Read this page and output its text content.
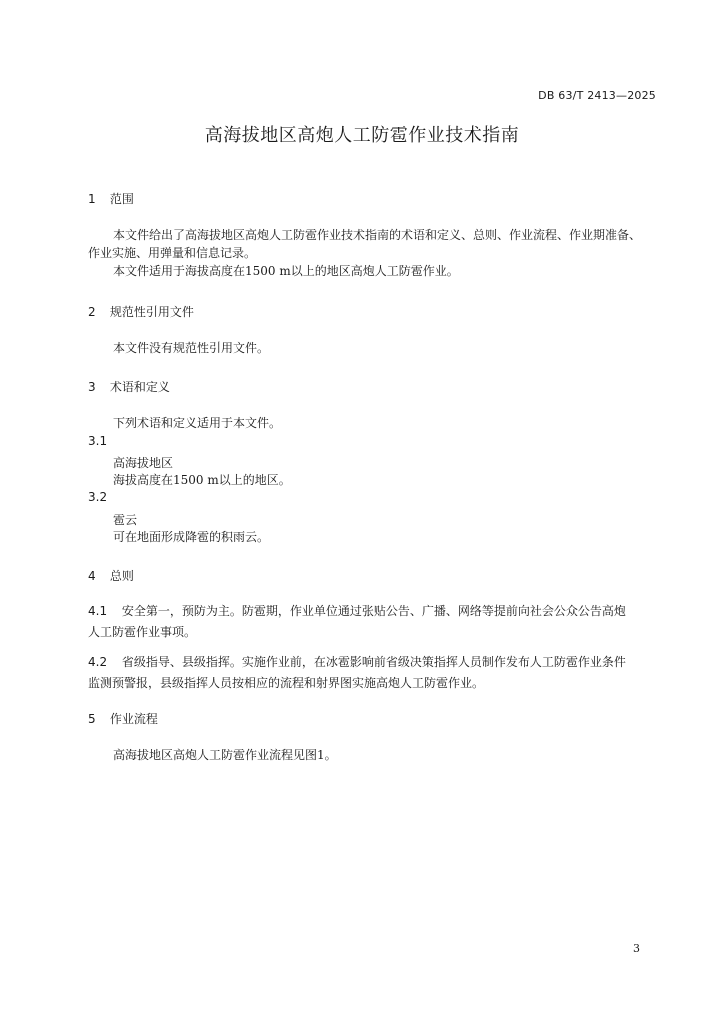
DB 63/T 2413—2025
高海拔地区高炮人工防雹作业技术指南
1 范围
本文件给出了高海拔地区高炮人工防雹作业技术指南的术语和定义、总则、作业流程、作业期准备、
作业实施、用弹量和信息记录。
本文件适用于海拔高度在1500 m以上的地区高炮人工防雹作业。
2 规范性引用文件
本文件没有规范性引用文件。
3 术语和定义
下列术语和定义适用于本文件。
3.1
高海拔地区
海拔高度在1500 m以上的地区。
3.2
雹云
可在地面形成降雹的积雨云。
4 总则
4.1 安全第一，预防为主。防雹期，作业单位通过张贴公告、广播、网络等提前向社会公众公告高炮
人工防雹作业事项。
4.2 省级指导、县级指挥。实施作业前，在冰雹影响前省级决策指挥人员制作发布人工防雹作业条件
监测预警报，县级指挥人员按相应的流程和射界图实施高炮人工防雹作业。
5 作业流程
高海拔地区高炮人工防雹作业流程见图1。
3
